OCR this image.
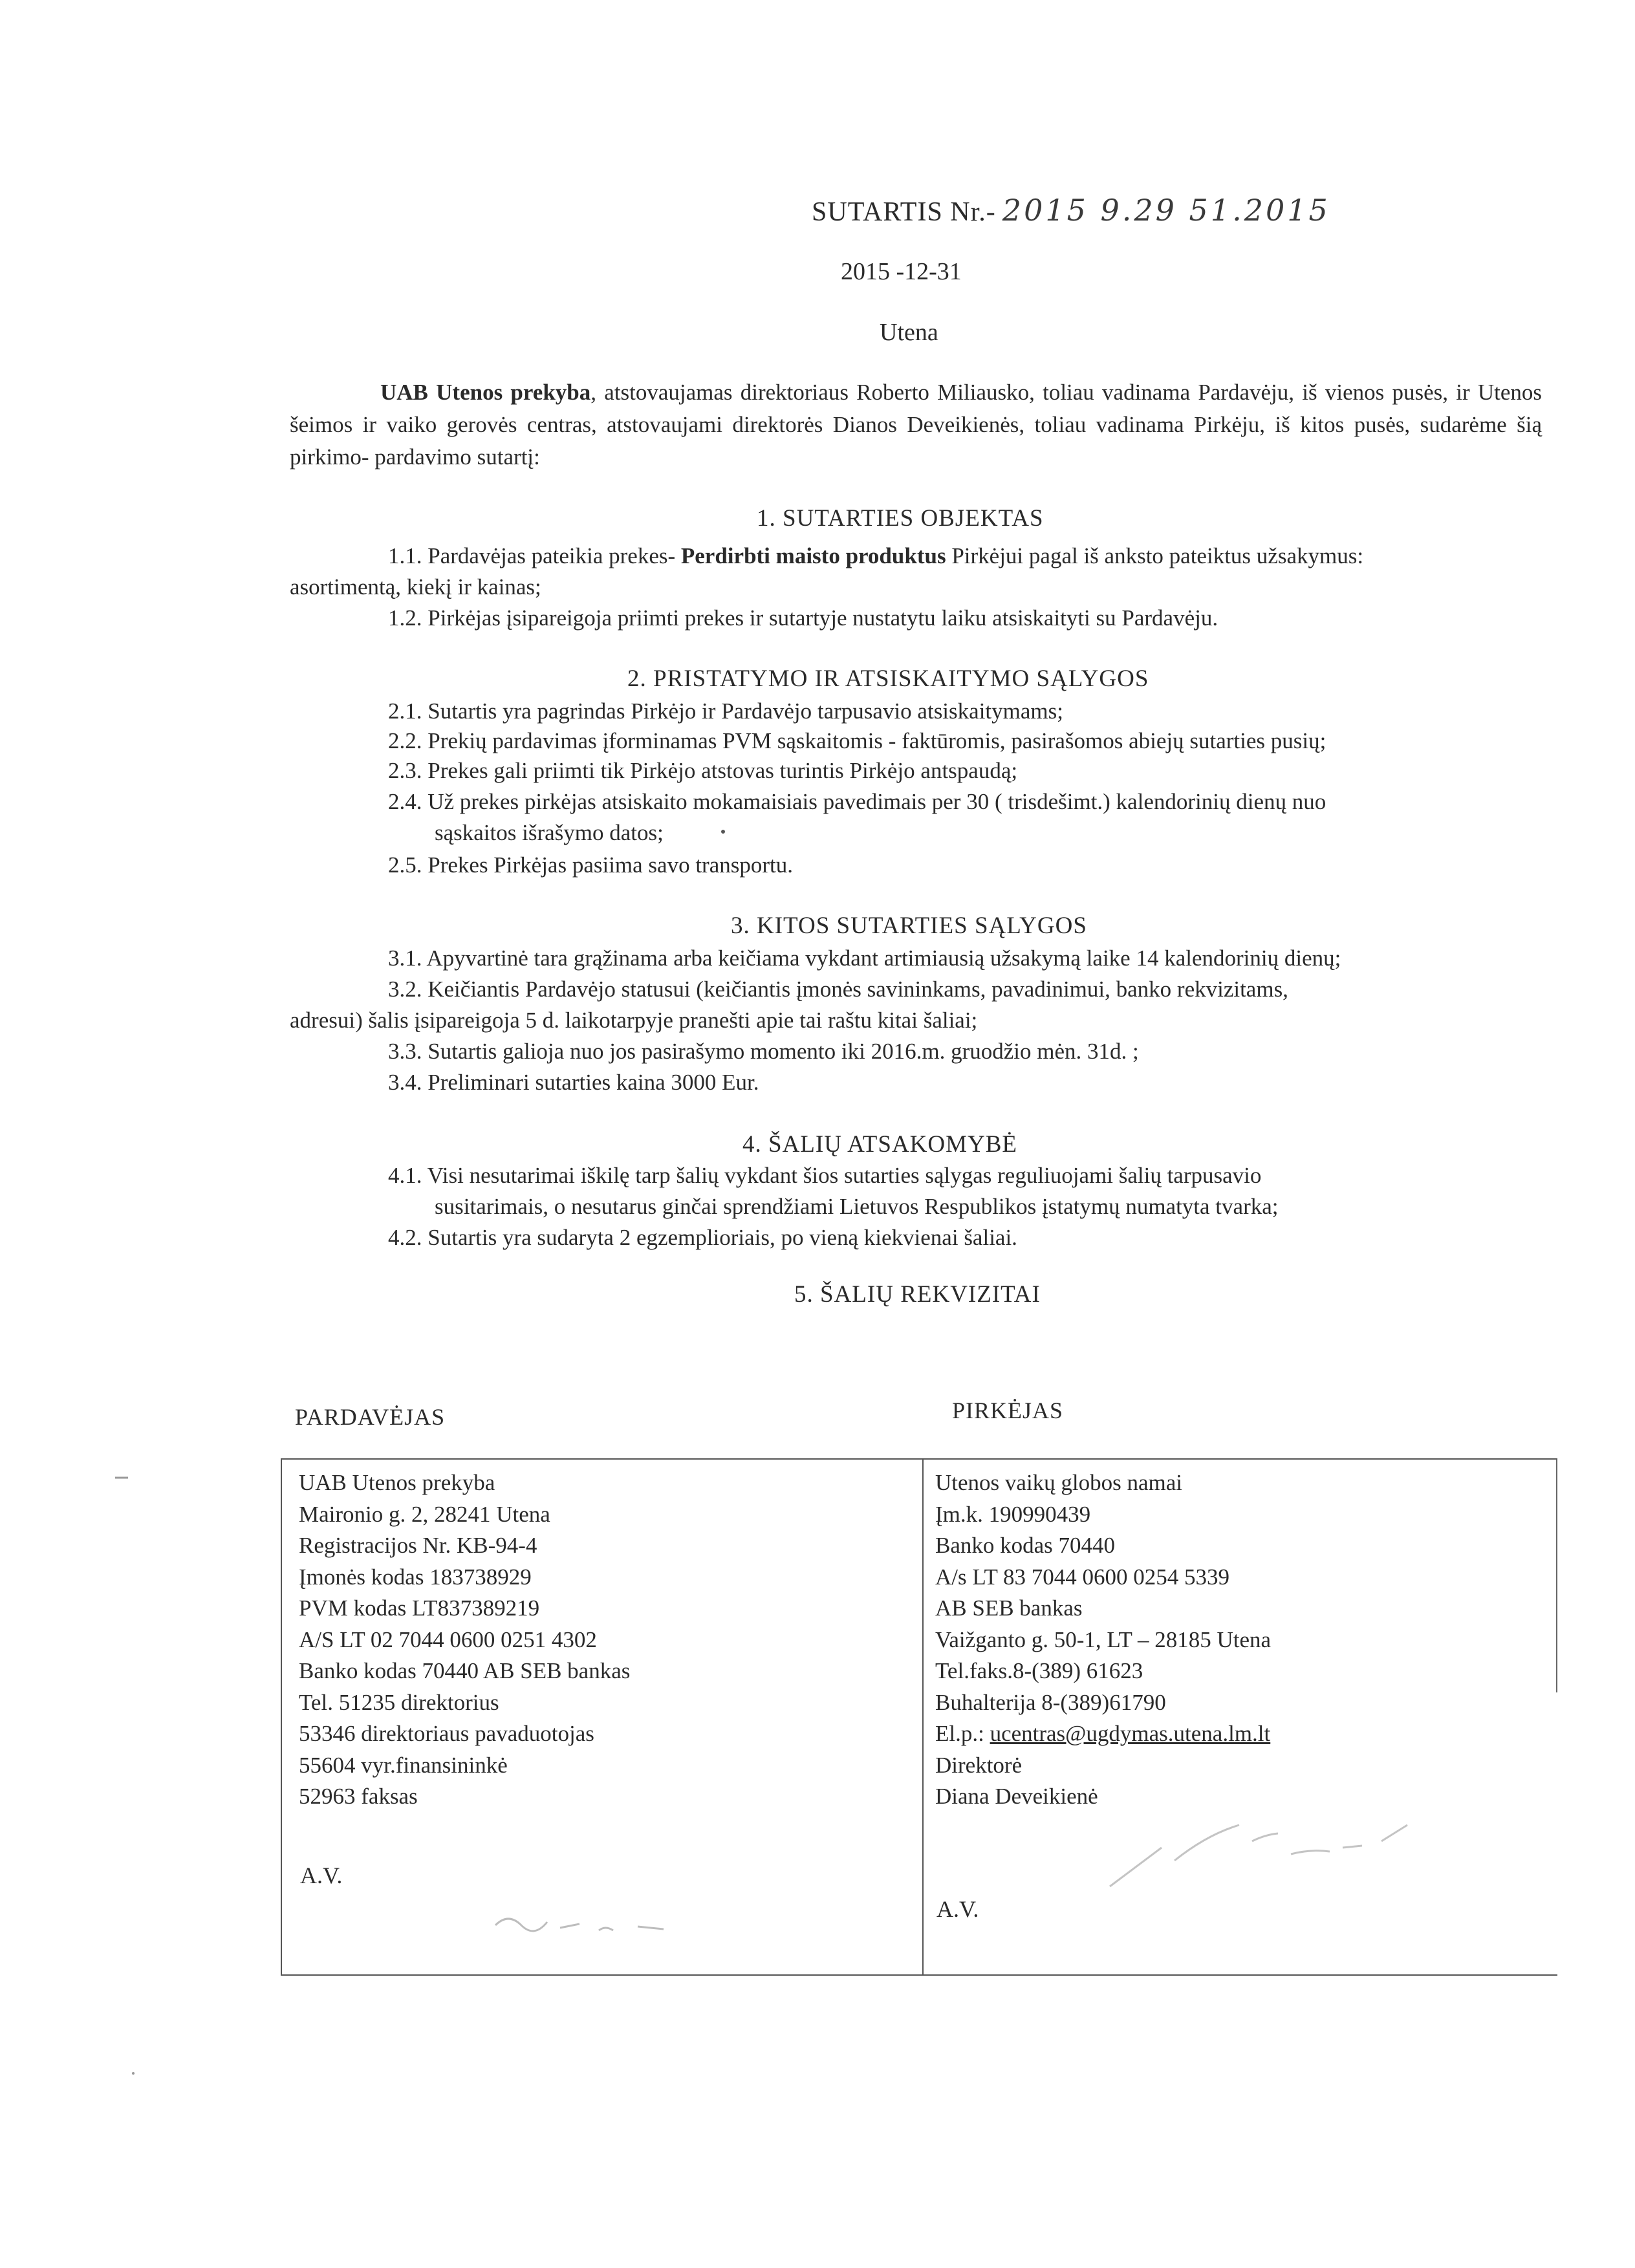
SUTARTIS Nr.- 2015 9.29 51.2015
2015 -12-31
Utena

UAB Utenos prekyba, atstovaujamas direktoriaus Roberto Miliausko, toliau vadinama Pardavėju, iš vienos pusės, ir Utenos šeimos ir vaiko gerovės centras, atstovaujami direktorės Dianos Deveikienės, toliau vadinama Pirkėju, iš kitos pusės, sudarėme šią pirkimo- pardavimo sutartį:

1. SUTARTIES OBJEKTAS
1.1. Pardavėjas pateikia prekes- Perdirbti maisto produktus Pirkėjui pagal iš anksto pateiktus užsakymus:
asortimentą, kiekį ir kainas;
1.2. Pirkėjas įsipareigoja priimti prekes ir sutartyje nustatytu laiku atsiskaityti su Pardavėju.
2. PRISTATYMO IR ATSISKAITYMO SĄLYGOS
2.1. Sutartis yra pagrindas Pirkėjo ir Pardavėjo tarpusavio atsiskaitymams;
2.2. Prekių pardavimas įforminamas PVM sąskaitomis - faktūromis, pasirašomos abiejų sutarties pusių;
2.3. Prekes gali priimti tik Pirkėjo atstovas turintis Pirkėjo antspaudą;
2.4. Už prekes pirkėjas atsiskaito mokamaisiais pavedimais per 30 ( trisdešimt.) kalendorinių dienų nuo
sąskaitos išrašymo datos;
2.5. Prekes Pirkėjas pasiima savo transportu.
3. KITOS SUTARTIES SĄLYGOS
3.1. Apyvartinė tara grąžinama arba keičiama vykdant artimiausią užsakymą laike 14 kalendorinių dienų;
3.2. Keičiantis Pardavėjo statusui (keičiantis įmonės savininkams, pavadinimui, banko rekvizitams,
adresui) šalis įsipareigoja 5 d. laikotarpyje pranešti apie tai raštu kitai šaliai;
3.3. Sutartis galioja nuo jos pasirašymo momento iki 2016.m. gruodžio mėn. 31d. ;
3.4. Preliminari sutarties kaina 3000 Eur.
4. ŠALIŲ ATSAKOMYBĖ
4.1. Visi nesutarimai iškilę tarp šalių vykdant šios sutarties sąlygas reguliuojami šalių tarpusavio
susitarimais, o nesutarus ginčai sprendžiami Lietuvos Respublikos įstatymų numatyta tvarka;
4.2. Sutartis yra sudaryta 2 egzemplioriais, po vieną kiekvienai šaliai.
5. ŠALIŲ REKVIZITAI
PARDAVĖJAS	PIRKĖJAS
UAB Utenos prekyba
Maironio g. 2, 28241 Utena
Registracijos Nr. KB-94-4
Įmonės kodas 183738929
PVM kodas LT837389219
A/S LT 02 7044 0600 0251 4302
Banko kodas 70440 AB SEB bankas
Tel. 51235 direktorius
53346 direktoriaus pavaduotojas
55604 vyr.finansininkė
52963 faksas
Utenos vaikų globos namai
Įm.k. 190990439
Banko kodas 70440
A/s LT 83 7044 0600 0254 5339
AB SEB bankas
Vaižganto g. 50-1, LT – 28185 Utena
Tel.faks.8-(389) 61623
Buhalterija 8-(389)61790
El.p.: ucentras@ugdymas.utena.lm.lt
Direktorė
Diana Deveikienė
A.V.
A.V.
